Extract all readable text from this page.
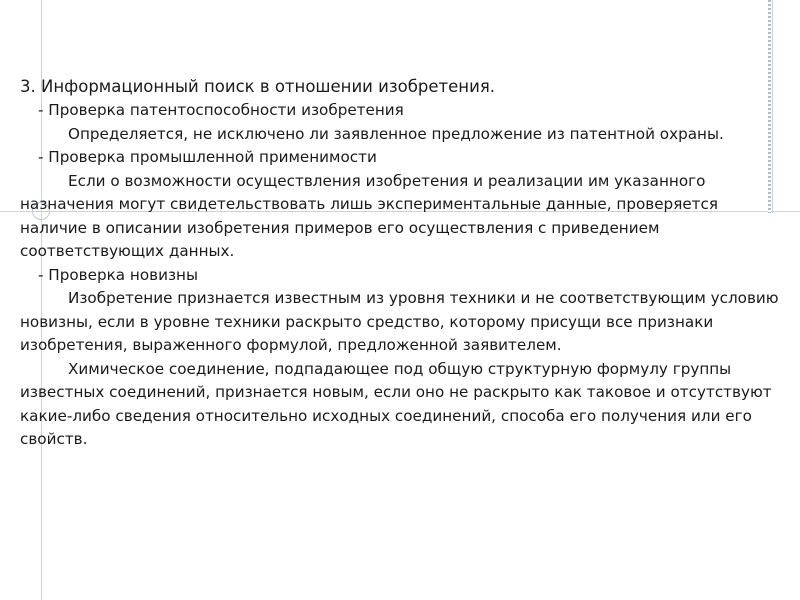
3. Информационный поиск в отношении изобретения.

- Проверка патентоспособности изобретения

Определяется, не исключено ли заявленное предложение из патентной охраны.

- Проверка промышленной применимости

Если о возможности осуществления изобретения и реализации им указанного назначения могут свидетельствовать лишь экспериментальные данные, проверяется наличие в описании изобретения примеров его осуществления с приведением соответствующих данных.

- Проверка новизны

Изобретение признается известным из уровня техники и не соответствующим условию новизны, если в уровне техники раскрыто средство, которому присущи все признаки изобретения, выраженного формулой, предложенной заявителем.

Химическое соединение, подпадающее под общую структурную формулу группы известных соединений, признается новым, если оно не раскрыто как таковое и отсутствуют какие-либо сведения относительно исходных соединений, способа его получения или его свойств.
